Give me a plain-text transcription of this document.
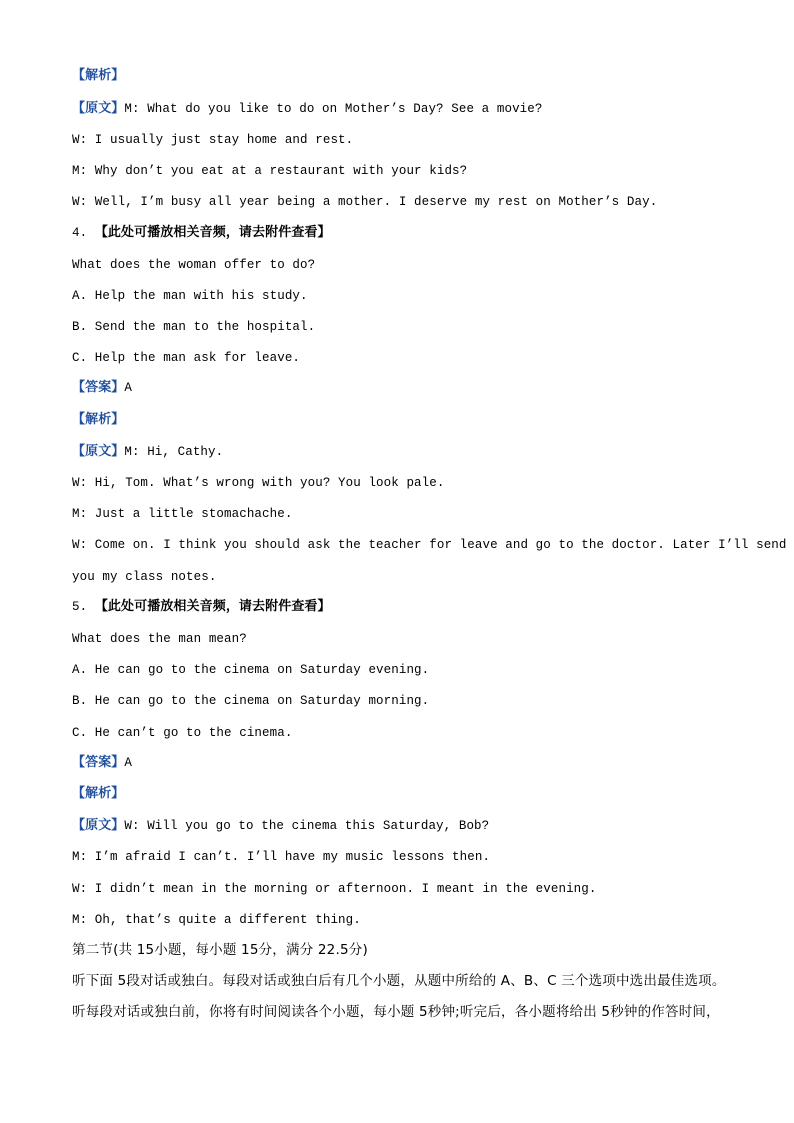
【解析】
【原文】M: What do you like to do on Mother’s Day? See a movie?
W: I usually just stay home and rest.
M: Why don’t you eat at a restaurant with your kids?
W: Well, I’m busy all year being a mother. I deserve my rest on Mother’s Day.
4. 【此处可播放相关音频，请去附件查看】
What does the woman offer to do?
A. Help the man with his study.
B. Send the man to the hospital.
C. Help the man ask for leave.
【答案】A
【解析】
【原文】M: Hi, Cathy.
W: Hi, Tom. What’s wrong with you? You look pale.
M: Just a little stomachache.
W: Come on. I think you should ask the teacher for leave and go to the doctor. Later I’ll send
you my class notes.
5. 【此处可播放相关音频，请去附件查看】
What does the man mean?
A. He can go to the cinema on Saturday evening.
B. He can go to the cinema on Saturday morning.
C. He can’t go to the cinema.
【答案】A
【解析】
【原文】W: Will you go to the cinema this Saturday, Bob?
M: I’m afraid I can’t. I’ll have my music lessons then.
W: I didn’t mean in the morning or afternoon. I meant in the evening.
M: Oh, that’s quite a different thing.
第二节(共 15小题，每小题 15分，满分 22.5分)
听下面 5段对话或独白。每段对话或独白后有几个小题，从题中所给的 A、B、C 三个选项中选出最佳选项。
听每段对话或独白前，你将有时间阅读各个小题，每小题 5秒钟;听完后，各小题将给出 5秒钟的作答时间，
